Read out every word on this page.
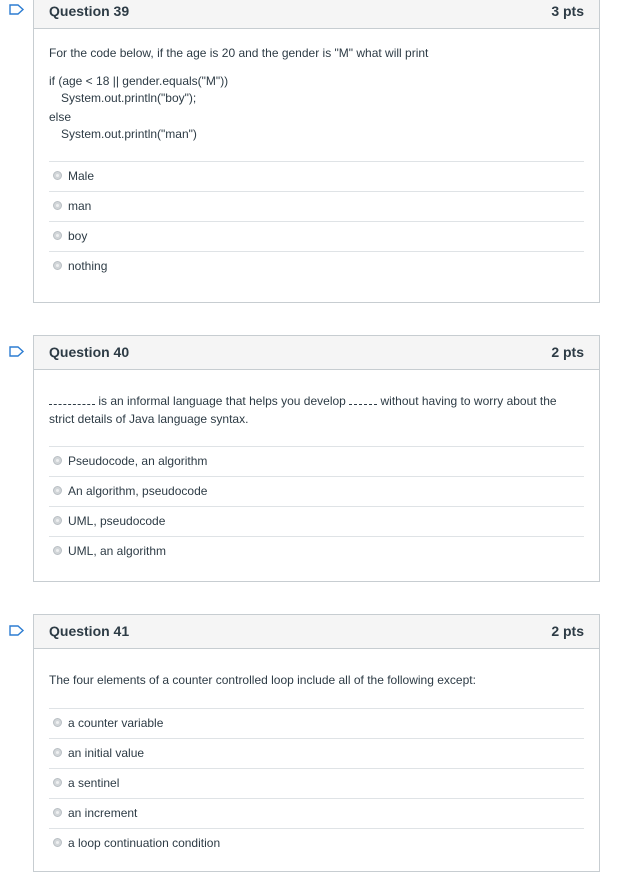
Question 39	3 pts
For the code below, if the age is 20 and the gender is "M" what will print
if (age < 18 || gender.equals("M"))
System.out.println("boy");
else
System.out.println("man")
Male
man
boy
nothing
Question 40	2 pts
is an informal language that helps you develop  without having to worry about the
strict details of Java language syntax.
Pseudocode, an algorithm
An algorithm, pseudocode
UML, pseudocode
UML, an algorithm
Question 41	2 pts
The four elements of a counter controlled loop include all of the following except:
a counter variable
an initial value
a sentinel
an increment
a loop continuation condition
